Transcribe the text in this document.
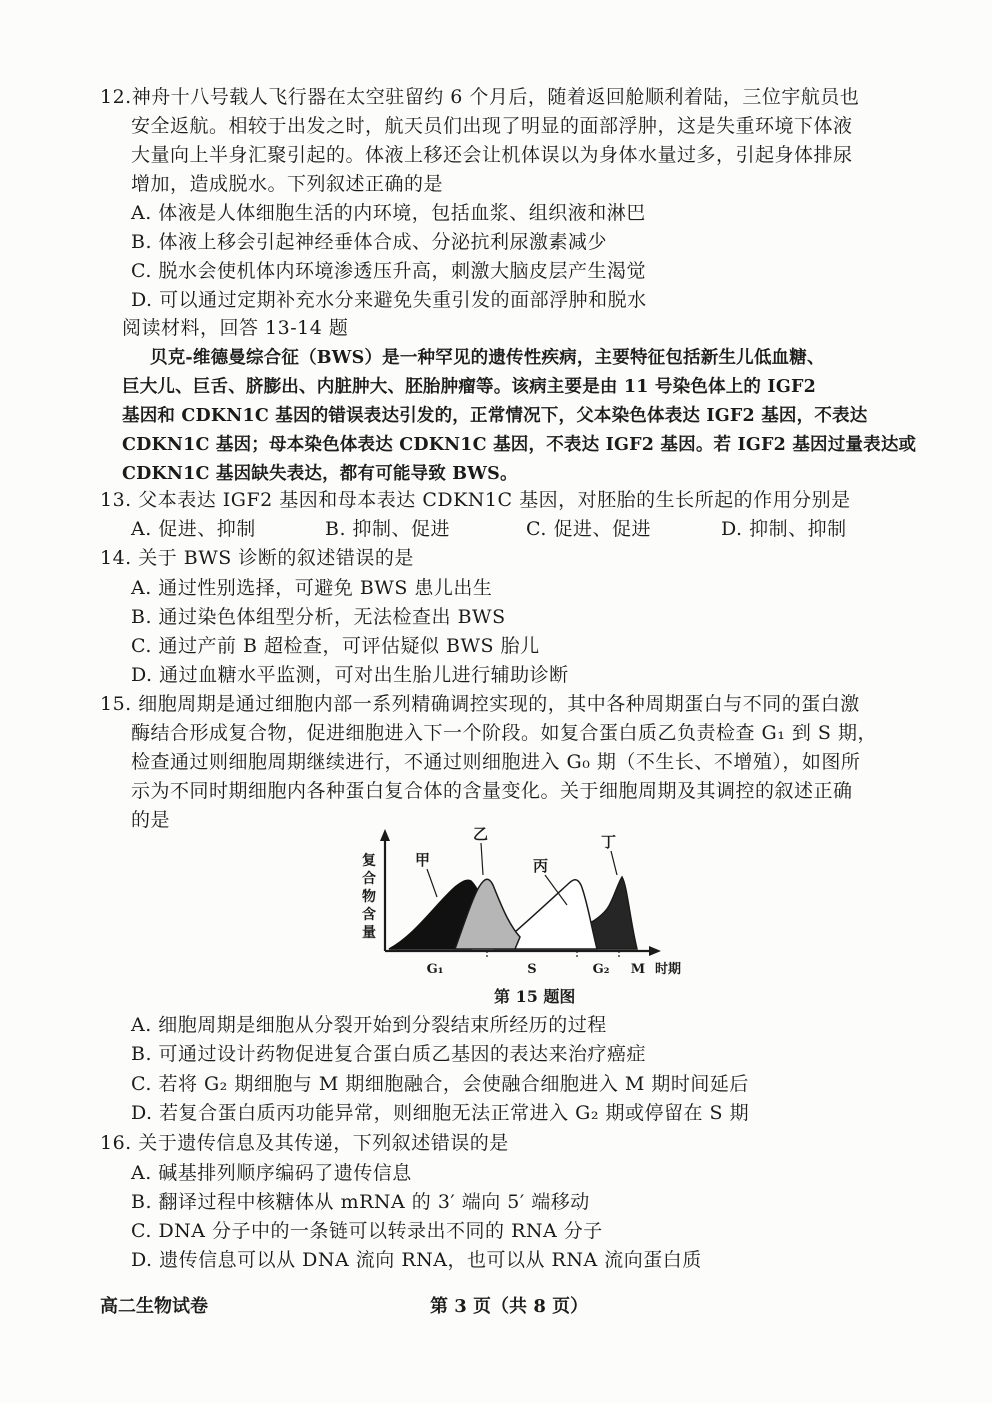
12.神舟十八号载人飞行器在太空驻留约 6 个月后，随着返回舱顺利着陆，三位宇航员也
安全返航。相较于出发之时，航天员们出现了明显的面部浮肿，这是失重环境下体液
大量向上半身汇聚引起的。体液上移还会让机体误以为身体水量过多，引起身体排尿
增加，造成脱水。下列叙述正确的是
A. 体液是人体细胞生活的内环境，包括血浆、组织液和淋巴
B. 体液上移会引起神经垂体合成、分泌抗利尿激素减少
C. 脱水会使机体内环境渗透压升高，刺激大脑皮层产生渴觉
D. 可以通过定期补充水分来避免失重引发的面部浮肿和脱水
阅读材料，回答 13-14 题
贝克-维德曼综合征（BWS）是一种罕见的遗传性疾病，主要特征包括新生儿低血糖、
巨大儿、巨舌、脐膨出、内脏肿大、胚胎肿瘤等。该病主要是由 11 号染色体上的 IGF2
基因和 CDKN1C 基因的错误表达引发的，正常情况下，父本染色体表达 IGF2 基因，不表达
CDKN1C 基因；母本染色体表达 CDKN1C 基因，不表达 IGF2 基因。若 IGF2 基因过量表达或
CDKN1C 基因缺失表达，都有可能导致 BWS。
13. 父本表达 IGF2 基因和母本表达 CDKN1C 基因，对胚胎的生长所起的作用分别是
A. 促进、抑制	B. 抑制、促进	C. 促进、促进	D. 抑制、抑制
14. 关于 BWS 诊断的叙述错误的是
A. 通过性别选择，可避免 BWS 患儿出生
B. 通过染色体组型分析，无法检查出 BWS
C. 通过产前 B 超检查，可评估疑似 BWS 胎儿
D. 通过血糖水平监测，可对出生胎儿进行辅助诊断
15. 细胞周期是通过细胞内部一系列精确调控实现的，其中各种周期蛋白与不同的蛋白激
酶结合形成复合物，促进细胞进入下一个阶段。如复合蛋白质乙负责检查 G₁ 到 S 期，
检查通过则细胞周期继续进行，不通过则细胞进入 G₀ 期（不生长、不增殖），如图所
示为不同时期细胞内各种蛋白复合体的含量变化。关于细胞周期及其调控的叙述正确
的是
复
合
物
含
量
甲
乙
丙
丁
G₁	S	G₂ M 时期
第 15 题图
A. 细胞周期是细胞从分裂开始到分裂结束所经历的过程
B. 可通过设计药物促进复合蛋白质乙基因的表达来治疗癌症
C. 若将 G₂ 期细胞与 M 期细胞融合，会使融合细胞进入 M 期时间延后
D. 若复合蛋白质丙功能异常，则细胞无法正常进入 G₂ 期或停留在 S 期
16. 关于遗传信息及其传递，下列叙述错误的是
A. 碱基排列顺序编码了遗传信息
B. 翻译过程中核糖体从 mRNA 的 3′ 端向 5′ 端移动
C. DNA 分子中的一条链可以转录出不同的 RNA 分子
D. 遗传信息可以从 DNA 流向 RNA，也可以从 RNA 流向蛋白质
高二生物试卷	第 3 页（共 8 页）
